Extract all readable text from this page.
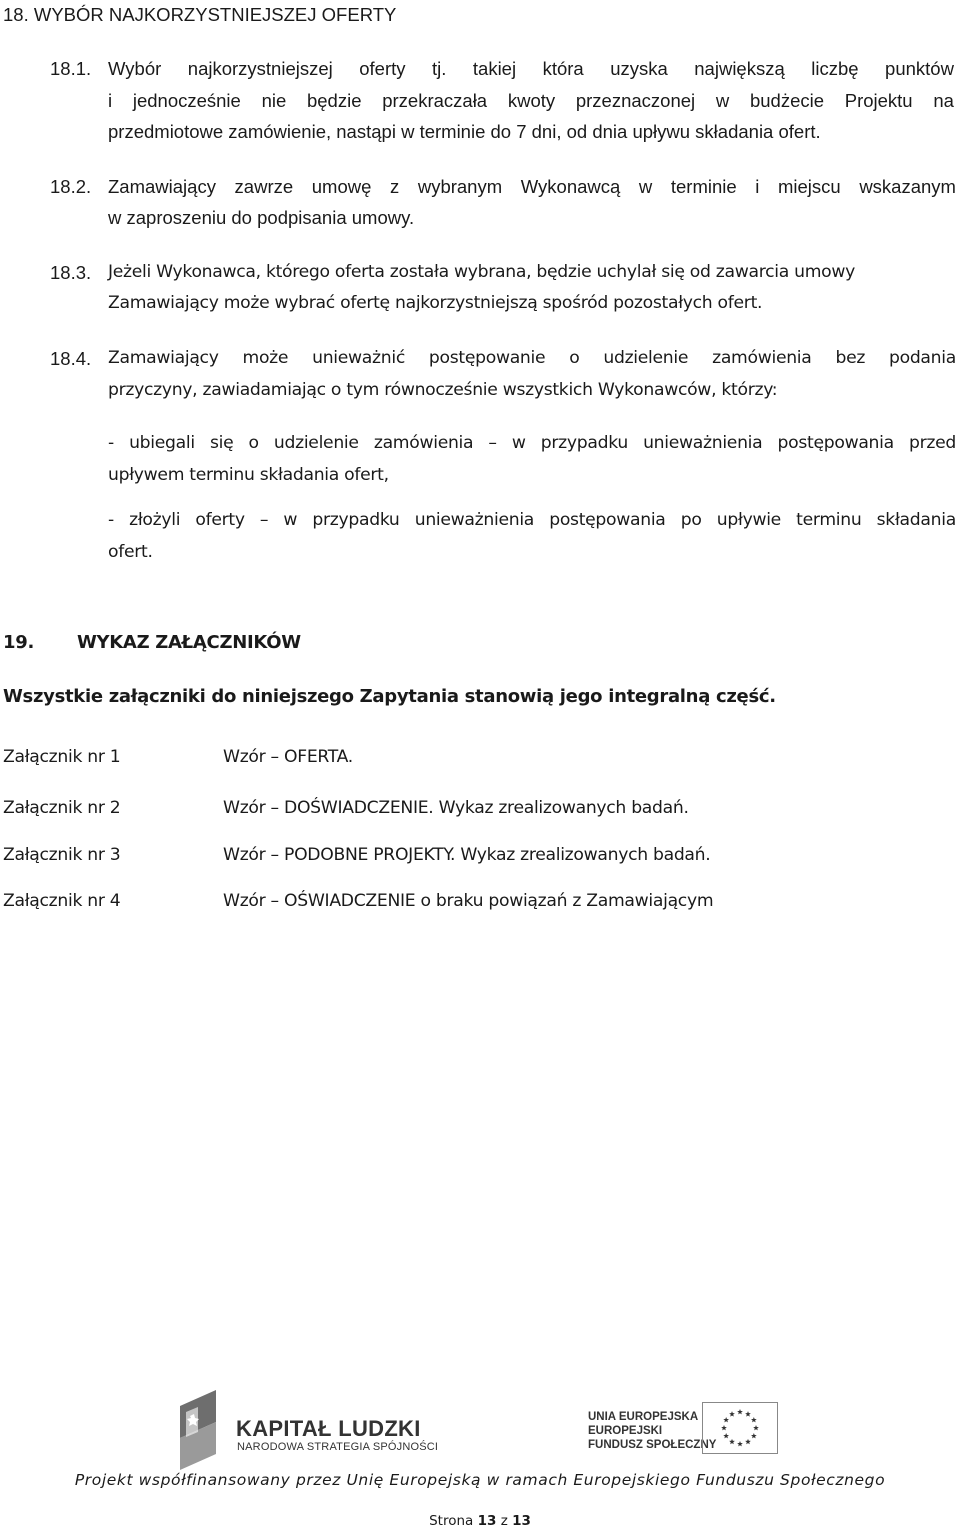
18. WYBÓR NAJKORZYSTNIEJSZEJ OFERTY
18.1. Wybór najkorzystniejszej oferty tj. takiej która uzyska największą liczbę punktów
i jednocześnie nie będzie przekraczała kwoty przeznaczonej w budżecie Projektu na
przedmiotowe zamówienie, nastąpi w terminie do 7 dni, od dnia upływu składania ofert.
18.2. Zamawiający zawrze umowę z wybranym Wykonawcą w terminie i miejscu wskazanym
w zaproszeniu do podpisania umowy.
18.3. Jeżeli Wykonawca, którego oferta została wybrana, będzie uchylał się od zawarcia umowy
Zamawiający może wybrać ofertę najkorzystniejszą spośród pozostałych ofert.
18.4. Zamawiający może unieważnić postępowanie o udzielenie zamówienia bez podania
przyczyny, zawiadamiając o tym równocześnie wszystkich Wykonawców, którzy:
- ubiegali się o udzielenie zamówienia – w przypadku unieważnienia postępowania przed
upływem terminu składania ofert,
- złożyli oferty – w przypadku unieważnienia postępowania po upływie terminu składania
ofert.
19. WYKAZ ZAŁĄCZNIKÓW
Wszystkie załączniki do niniejszego Zapytania stanowią jego integralną część.
Załącznik nr 1	Wzór – OFERTA.
Załącznik nr 2	Wzór – DOŚWIADCZENIE. Wykaz zrealizowanych badań.
Załącznik nr 3	Wzór – PODOBNE PROJEKTY. Wykaz zrealizowanych badań.
Załącznik nr 4	Wzór – OŚWIADCZENIE o braku powiązań z Zamawiającym
KAPITAŁ LUDZKI
NARODOWA STRATEGIA SPÓJNOŚCI
UNIA EUROPEJSKA
EUROPEJSKI
FUNDUSZ SPOŁECZNY
Projekt współfinansowany przez Unię Europejską w ramach Europejskiego Funduszu Społecznego
Strona 13 z 13
